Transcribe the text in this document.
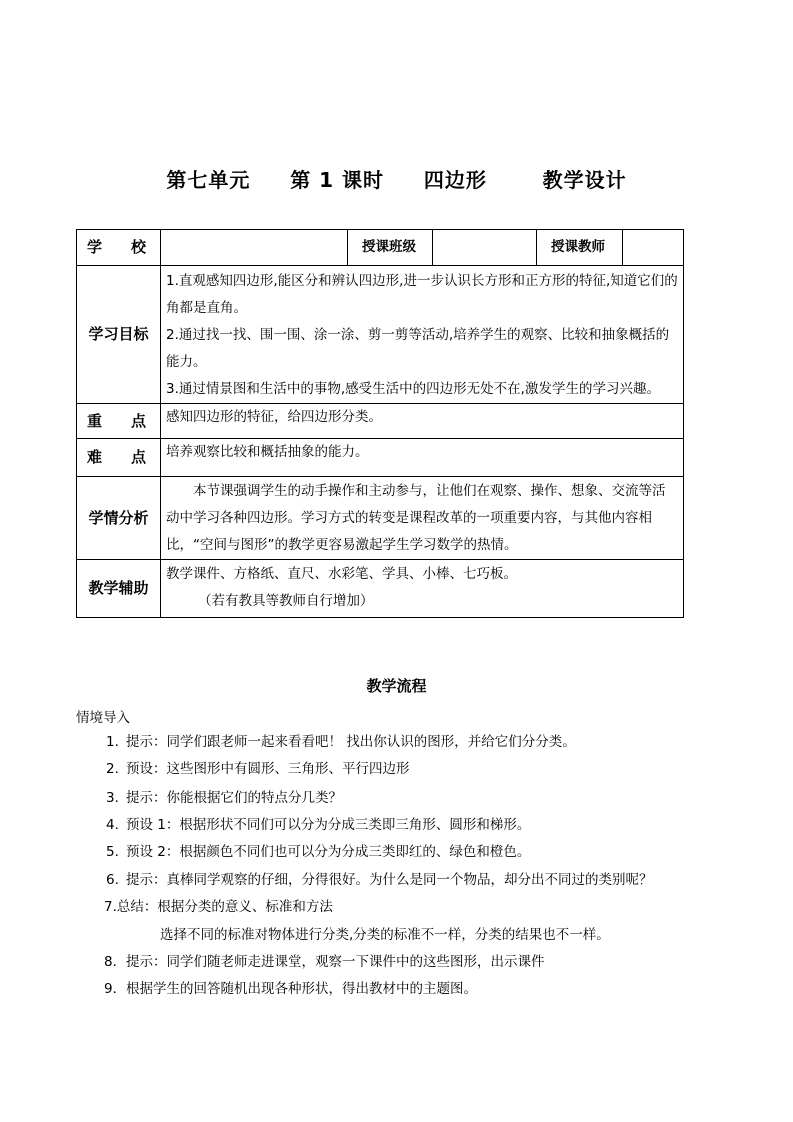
第七单元     第 1 课时     四边形       教学设计
学 校		授课班级		授课教师	
学习目标	1.直观感知四边形,能区分和辨认四边形,进一步认识长方形和正方形的特征,知道它们的角都是直角。
2.通过找一找、围一围、涂一涂、剪一剪等活动,培养学生的观察、比较和抽象概括的能力。
3.通过情景图和生活中的事物,感受生活中的四边形无处不在,激发学生的学习兴趣。				

重 点	感知四边形的特征，给四边形分类。				
难 点	培养观察比较和概括抽象的能力。				
学情分析	本节课强调学生的动手操作和主动参与，让他们在观察、操作、想象、交流等活动中学习各种四边形。学习方式的转变是课程改革的一项重要内容，与其他内容相比，“空间与图形”的教学更容易激起学生学习数学的热情。				

教学辅助	教学课件、方格纸、直尺、水彩笔、学具、小棒、七巧板。
（若有教具等教师自行增加）				
教学流程
情境导入
1. 提示：同学们跟老师一起来看看吧！ 找出你认识的图形，并给它们分分类。
2. 预设：这些图形中有圆形、三角形、平行四边形
3. 提示：你能根据它们的特点分几类？
4. 预设 1：根据形状不同们可以分为分成三类即三角形、圆形和梯形。
5. 预设 2：根据颜色不同们也可以分为分成三类即红的、绿色和橙色。
6. 提示：真棒同学观察的仔细，分得很好。为什么是同一个物品，却分出不同过的类别呢？
7.总结：根据分类的意义、标准和方法
选择不同的标准对物体进行分类,分类的标准不一样，分类的结果也不一样。
8．提示：同学们随老师走进课堂，观察一下课件中的这些图形，出示课件
9．根据学生的回答随机出现各种形状，得出教材中的主题图。
